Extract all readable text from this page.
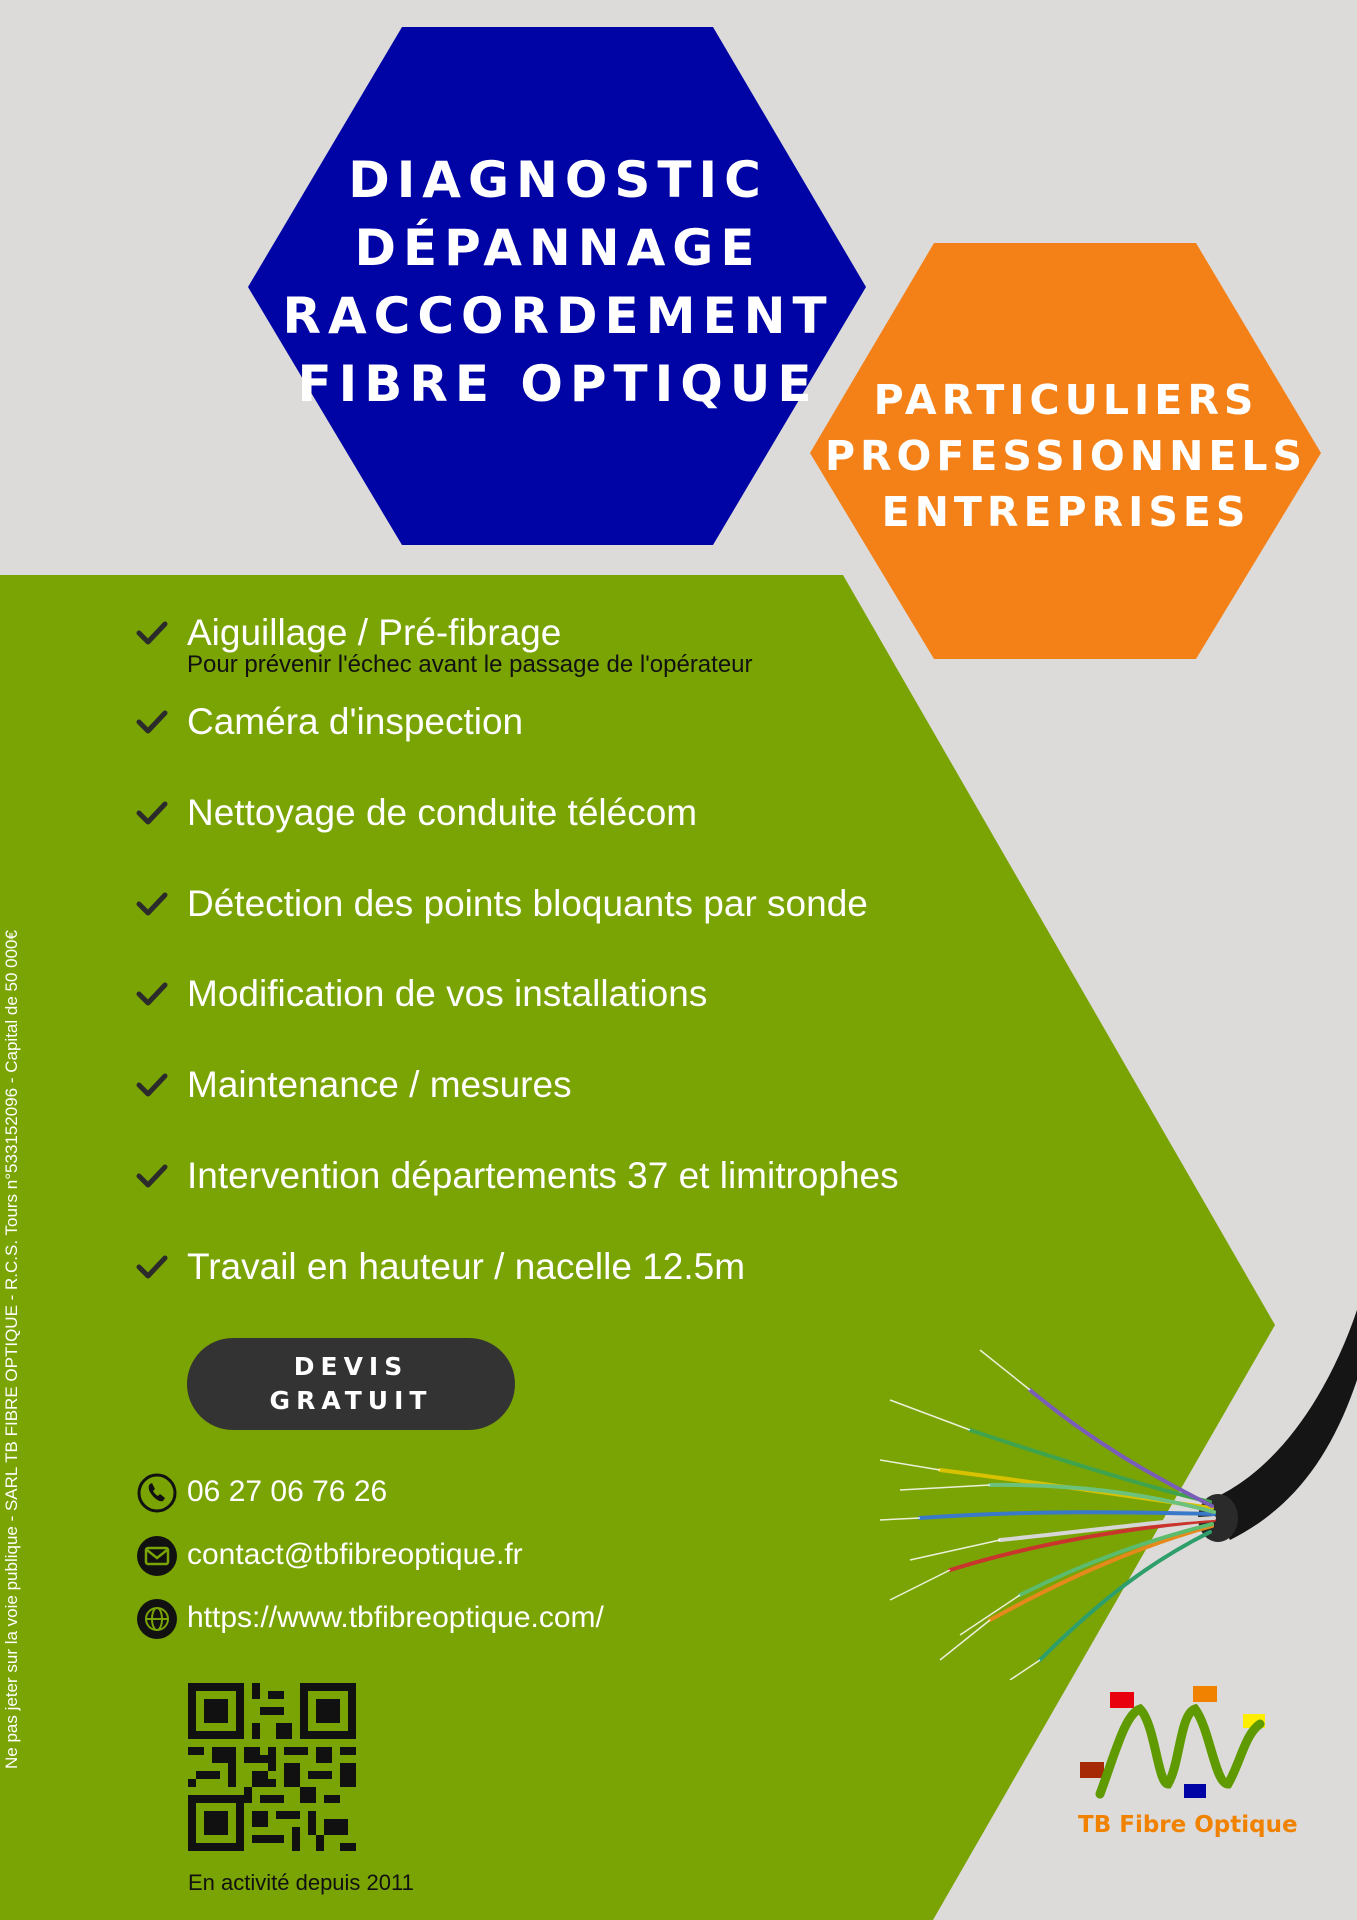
DIAGNOSTIC
DÉPANNAGE
RACCORDEMENT
FIBRE OPTIQUE	PARTICULIERS
PROFESSIONNELS
ENTREPRISES
Aiguillage / Pré-fibrage
Pour prévenir l'échec avant le passage de l'opérateur
Caméra d'inspection
Nettoyage de conduite télécom
Détection des points bloquants par sonde
Modification de vos installations
Maintenance / mesures
Intervention départements 37 et limitrophes
Travail en hauteur / nacelle 12.5m
DEVIS
GRATUIT
06 27 06 76 26
contact@tbfibreoptique.fr
https://www.tbfibreoptique.com/
En activité depuis 2011
Ne pas jeter sur la voie publique - SARL TB FIBRE OPTIQUE - R.C.S. Tours n°533152096 - Capital de 50 000€
TB Fibre Optique
